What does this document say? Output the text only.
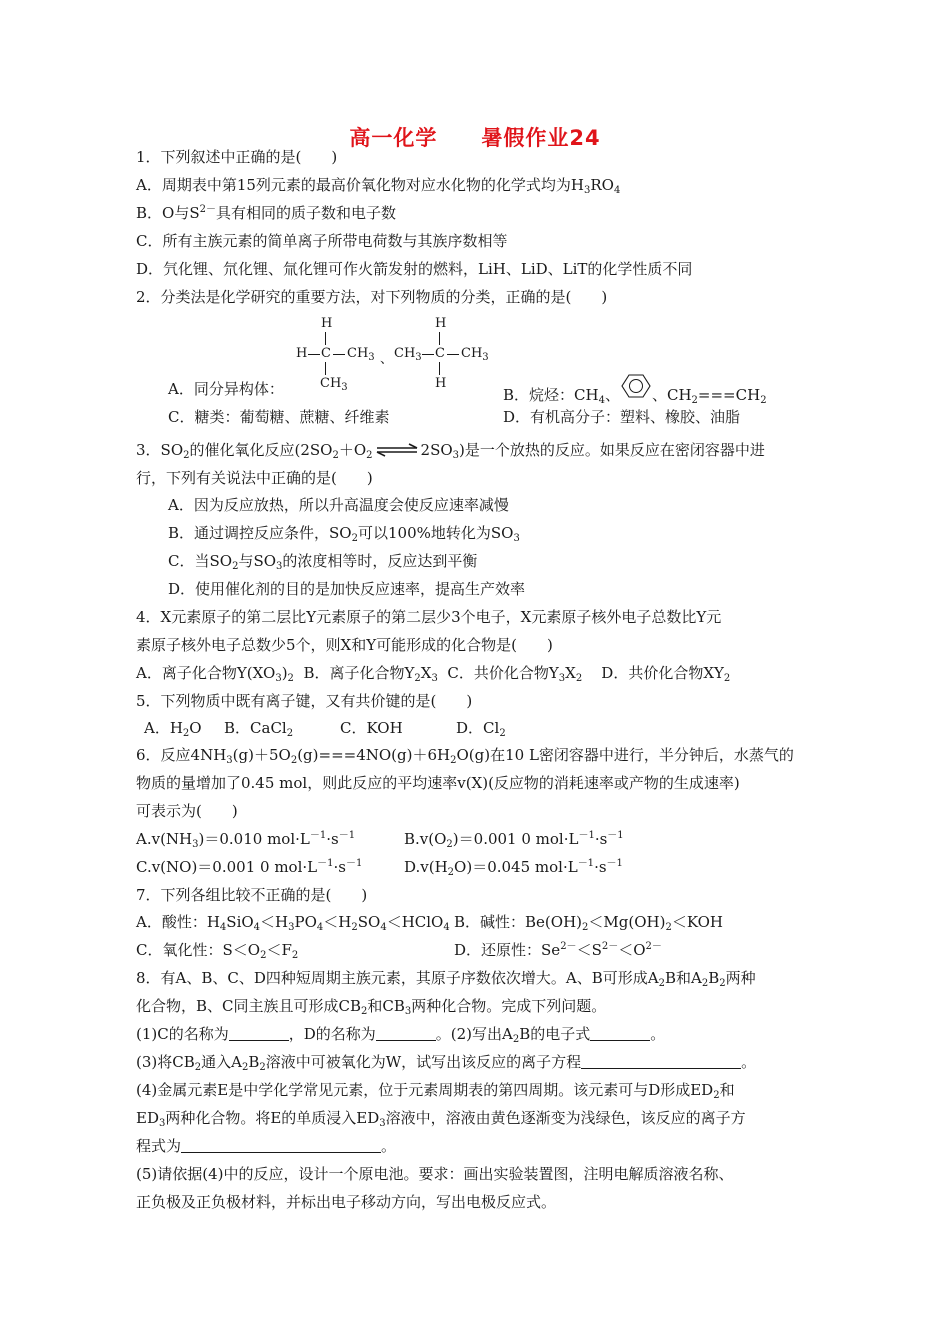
高一化学 暑假作业24
1．下列叙述中正确的是(　　)
A．周期表中第15列元素的最高价氧化物对应水化物的化学式均为$H_3RO_4$
B．O与$S^{2-}$具有相同的质子数和电子数
C．所有主族元素的简单离子所带电荷数与其族序数相等
D．氕化锂、氘化锂、氚化锂可作火箭发射的燃料，LiH、LiD、LiT的化学性质不同
2．分类法是化学研究的重要方法，对下列物质的分类，正确的是(　　)
H
H C $CH_3$
$CH_3$
、 $CH_3$
H
C $CH_3$
H
A．同分异构体：	B．烷烃：$CH_4$、 、$CH_2===CH_2$
C．糖类：葡萄糖、蔗糖、纤维素	D．有机高分子：塑料、橡胶、油脂
3．$SO_2$的催化氧化反应($2SO_2+O_2$ ⇌ $2SO_3$)是一个放热的反应。如果反应在密闭容器中进
行，下列有关说法中正确的是(　　)
A．因为反应放热，所以升高温度会使反应速率减慢
B．通过调控反应条件，$SO_2$可以100%地转化为$SO_3$
C．当$SO_2$与$SO_3$的浓度相等时，反应达到平衡
D．使用催化剂的目的是加快反应速率，提高生产效率
4．X元素原子的第二层比Y元素原子的第二层少3个电子，X元素原子核外电子总数比Y元
素原子核外电子总数少5个，则X和Y可能形成的化合物是(　　)
A．离子化合物$Y(XO_3)_2$ B．离子化合物$Y_2X_3$ C．共价化合物$Y_3X_2$ D．共价化合物$XY_2$
5．下列物质中既有离子键，又有共价键的是(　　)
A．$H_2O$ B．CaCl$_2$	C．KOH	D．$Cl_2$
6．反应$4NH_3(g)+5O_2(g)===4NO(g)+6H_2O(g)$在10 L密闭容器中进行，半分钟后，水蒸气的
物质的量增加了0.45 mol，则此反应的平均速率v(X)(反应物的消耗速率或产物的生成速率)
可表示为(　　)
$A.v(NH_3)=0.010$ $mol\cdot L^{-1}\cdot s^{-1}$	$B.v(O_2)=0.001$ 0 $mol\cdot L^{-1}\cdot s^{-1}$
C.v(NO)＝0.001 0 $mol\cdot L^{-1}\cdot s^{-1}$	$D.v(H_2O)=0.045$ $mol\cdot L^{-1}\cdot s^{-1}$
7．下列各组比较不正确的是(　　)
A．酸性：$H_4SiO_4<H_3PO_4<H_2SO_4<HClO_4$ B．碱性：$Be(OH)_2<Mg(OH)_2<KOH$
C．氧化性：$S<O_2<F_2$	D．还原性：$Se^{2-}<S^{2-}<O^{2-}$
8．有A、B、C、D四种短周期主族元素，其原子序数依次增大。A、B可形成$A_2B$和$A_2B_2$两种
化合物，B、C同主族且可形成$CB_2$和$CB_3$两种化合物。完成下列问题。
(1)C的名称为	，D的名称为	。(2)写出$A_2B$的电子式	。
(3)将$CB_2$通入$A_2B_2$溶液中可被氧化为W，试写出该反应的离子方程	。
(4)金属元素E是中学化学常见元素，位于元素周期表的第四周期。该元素可与D形成$ED_2$和
$ED_3$两种化合物。将E的单质浸入$ED_3$溶液中，溶液由黄色逐渐变为浅绿色，该反应的离子方
程式为	。
(5)请依据(4)中的反应，设计一个原电池。要求：画出实验装置图，注明电解质溶液名称、
正负极及正负极材料，并标出电子移动方向，写出电极反应式。
